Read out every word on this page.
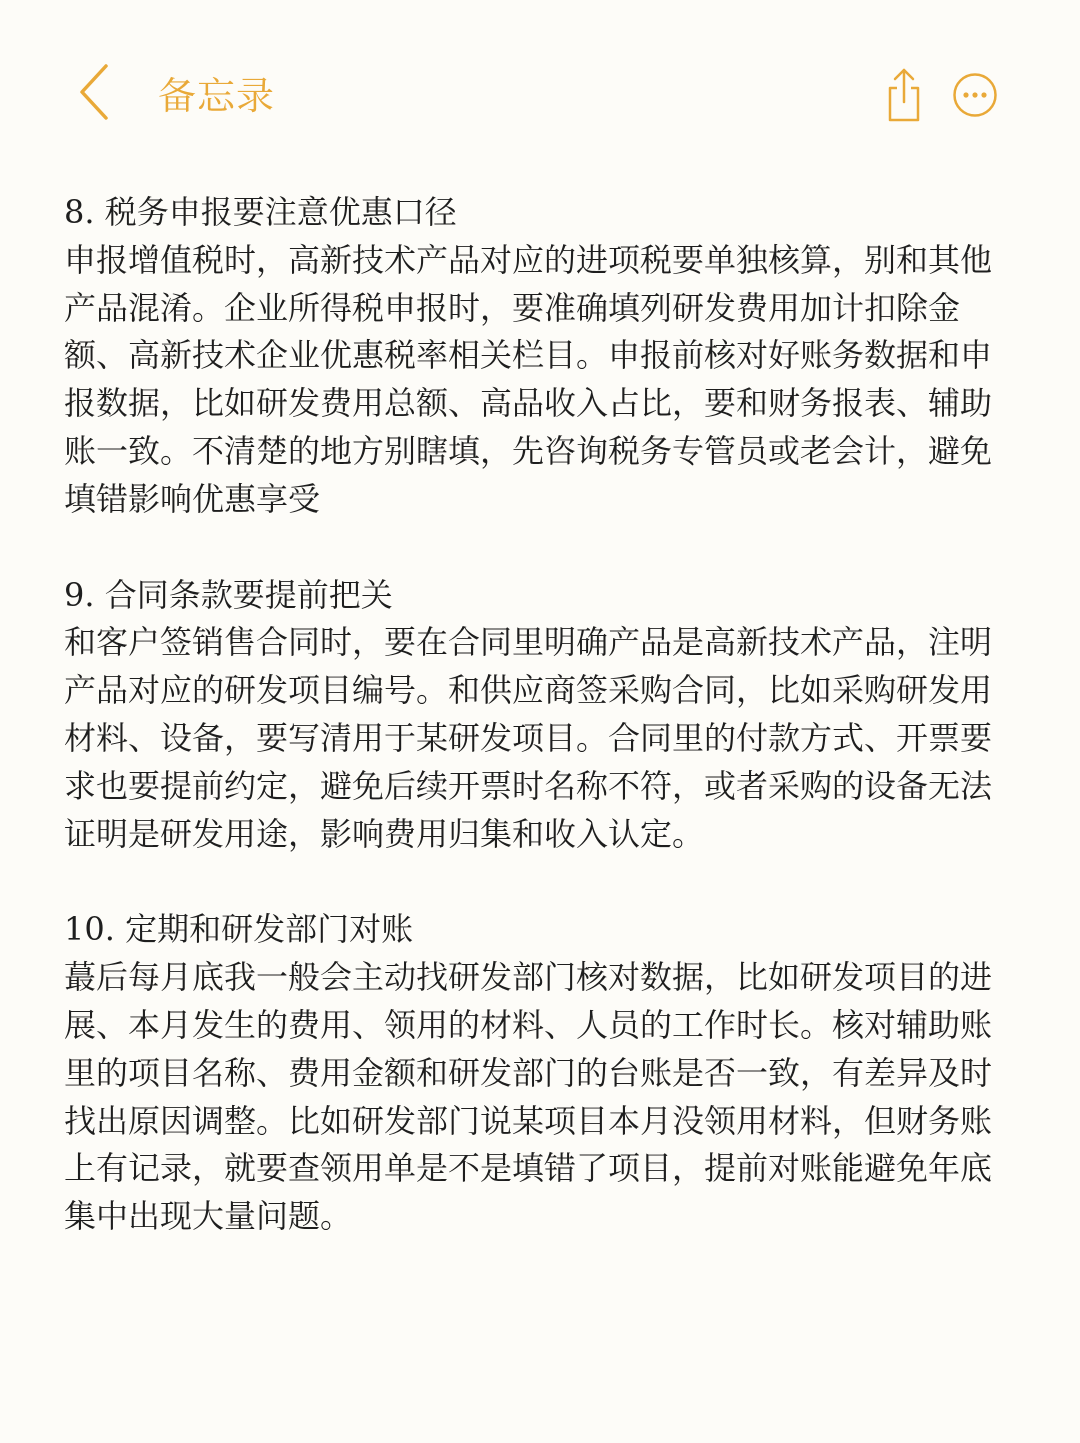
备忘录

8. 税务申报要注意优惠口径

申报增值税时，高新技术产品对应的进项税要单独核算，别和其他产品混淆。企业所得税申报时，要准确填列研发费用加计扣除金额、高新技术企业优惠税率相关栏目。申报前核对好账务数据和申报数据，比如研发费用总额、高品收入占比，要和财务报表、辅助账一致。不清楚的地方别瞎填，先咨询税务专管员或老会计，避免填错影响优惠享受

9. 合同条款要提前把关

和客户签销售合同时，要在合同里明确产品是高新技术产品，注明产品对应的研发项目编号。和供应商签采购合同，比如采购研发用材料、设备，要写清用于某研发项目。合同里的付款方式、开票要求也要提前约定，避免后续开票时名称不符，或者采购的设备无法证明是研发用途，影响费用归集和收入认定。

10. 定期和研发部门对账

蕞后每月底我一般会主动找研发部门核对数据，比如研发项目的进展、本月发生的费用、领用的材料、人员的工作时长。核对辅助账里的项目名称、费用金额和研发部门的台账是否一致，有差异及时找出原因调整。比如研发部门说某项目本月没领用材料，但财务账上有记录，就要查领用单是不是填错了项目，提前对账能避免年底集中出现大量问题。
